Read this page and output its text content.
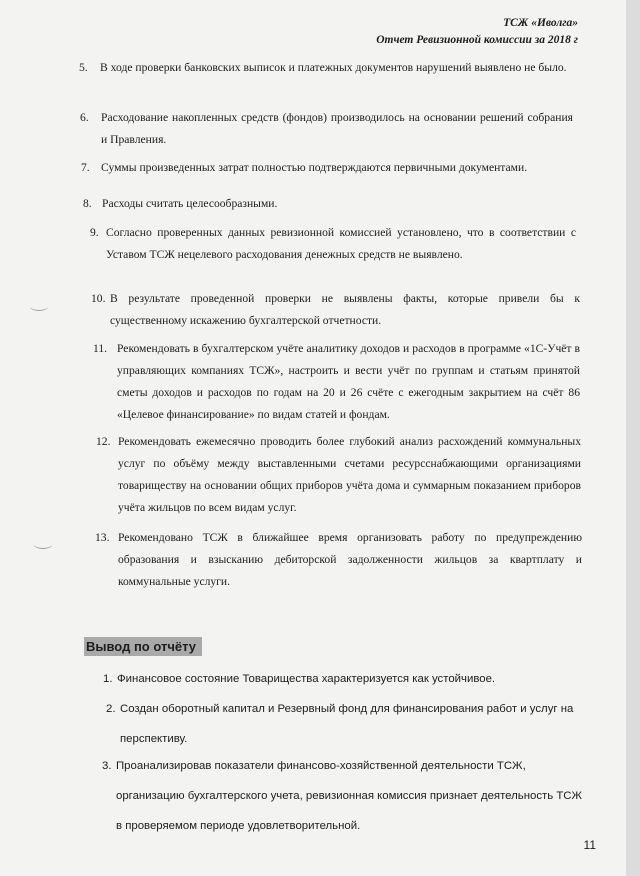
ТСЖ «Иволга»
Отчет Ревизионной комиссии за 2018 г
5. В ходе проверки банковских выписок и платежных документов нарушений выявлено не было.
6. Расходование накопленных средств (фондов) производилось на основании решений собрания и Правления.
7. Суммы произведенных затрат полностью подтверждаются первичными документами.
8. Расходы считать целесообразными.
9. Согласно проверенных данных ревизионной комиссией установлено, что в соответствии с Уставом ТСЖ нецелевого расходования денежных средств не выявлено.
10. В результате проведенной проверки не выявлены факты, которые привели бы к существенному искажению бухгалтерской отчетности.
11. Рекомендовать в бухгалтерском учёте аналитику доходов и расходов в программе «1С-Учёт в управляющих компаниях ТСЖ», настроить и вести учёт по группам и статьям принятой сметы доходов и расходов по годам на 20 и 26 счёте с ежегодным закрытием на счёт 86 «Целевое финансирование» по видам статей и фондам.
12. Рекомендовать ежемесячно проводить более глубокий анализ расхождений коммунальных услуг по объёму между выставленными счетами ресурсснабжающими организациями товариществу на основании общих приборов учёта дома и суммарным показанием приборов учёта жильцов по всем видам услуг.
13. Рекомендовано ТСЖ в ближайшее время организовать работу по предупреждению образования и взысканию дебиторской задолженности жильцов за квартплату и коммунальные услуги.
Вывод по отчёту
1. Финансовое состояние Товарищества характеризуется как устойчивое.
2. Создан оборотный капитал и Резервный фонд для финансирования работ и услуг на перспективу.
3. Проанализировав показатели финансово-хозяйственной деятельности ТСЖ, организацию бухгалтерского учета, ревизионная комиссия признает деятельность ТСЖ в проверяемом периоде удовлетворительной.
11
